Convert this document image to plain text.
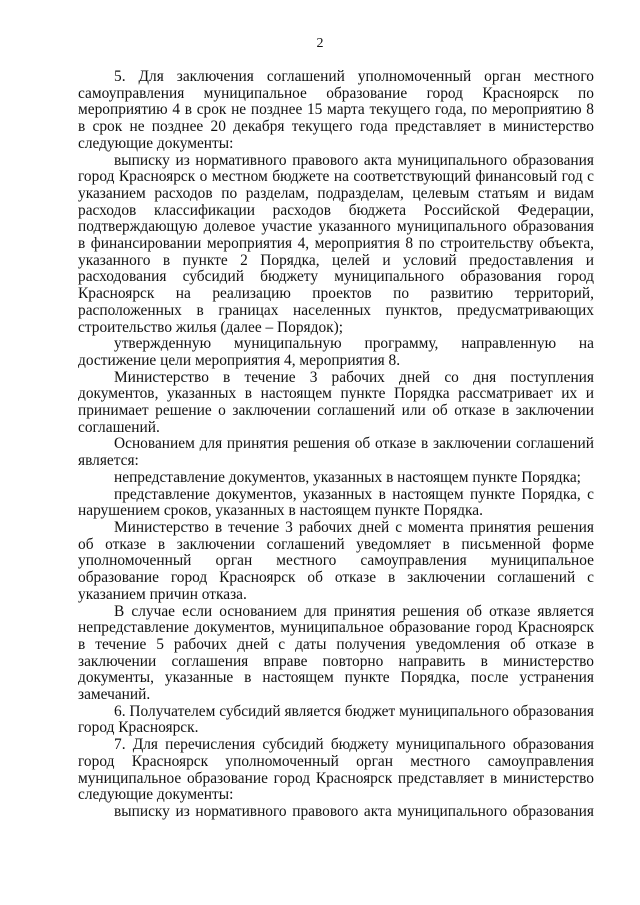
2

5. Для заключения соглашений уполномоченный орган местного самоуправления муниципальное образование город Красноярск по мероприятию 4 в срок не позднее 15 марта текущего года, по мероприятию 8 в срок не позднее 20 декабря текущего года представляет в министерство следующие документы:

выписку из нормативного правового акта муниципального образования город Красноярск о местном бюджете на соответствующий финансовый год с указанием расходов по разделам, подразделам, целевым статьям и видам расходов классификации расходов бюджета Российской Федерации, подтверждающую долевое участие указанного муниципального образования в финансировании мероприятия 4, мероприятия 8 по строительству объекта, указанного в пункте 2 Порядка, целей и условий предоставления и расходования субсидий бюджету муниципального образования город Красноярск на реализацию проектов по развитию территорий, расположенных в границах населенных пунктов, предусматривающих строительство жилья (далее – Порядок);

утвержденную муниципальную программу, направленную на достижение цели мероприятия 4, мероприятия 8.

Министерство в течение 3 рабочих дней со дня поступления документов, указанных в настоящем пункте Порядка рассматривает их и принимает решение о заключении соглашений или об отказе в заключении соглашений.

Основанием для принятия решения об отказе в заключении соглашений является:

непредставление документов, указанных в настоящем пункте Порядка;

представление документов, указанных в настоящем пункте Порядка, с нарушением сроков, указанных в настоящем пункте Порядка.

Министерство в течение 3 рабочих дней с момента принятия решения об отказе в заключении соглашений уведомляет в письменной форме уполномоченный орган местного самоуправления муниципальное образование город Красноярск об отказе в заключении соглашений с указанием причин отказа.

В случае если основанием для принятия решения об отказе является непредставление документов, муниципальное образование город Красноярск в течение 5 рабочих дней с даты получения уведомления об отказе в заключении соглашения вправе повторно направить в министерство документы, указанные в настоящем пункте Порядка, после устранения замечаний.

6. Получателем субсидий является бюджет муниципального образования город Красноярск.

7. Для перечисления субсидий бюджету муниципального образования город Красноярск уполномоченный орган местного самоуправления муниципальное образование город Красноярск представляет в министерство следующие документы:

выписку из нормативного правового акта муниципального образования
